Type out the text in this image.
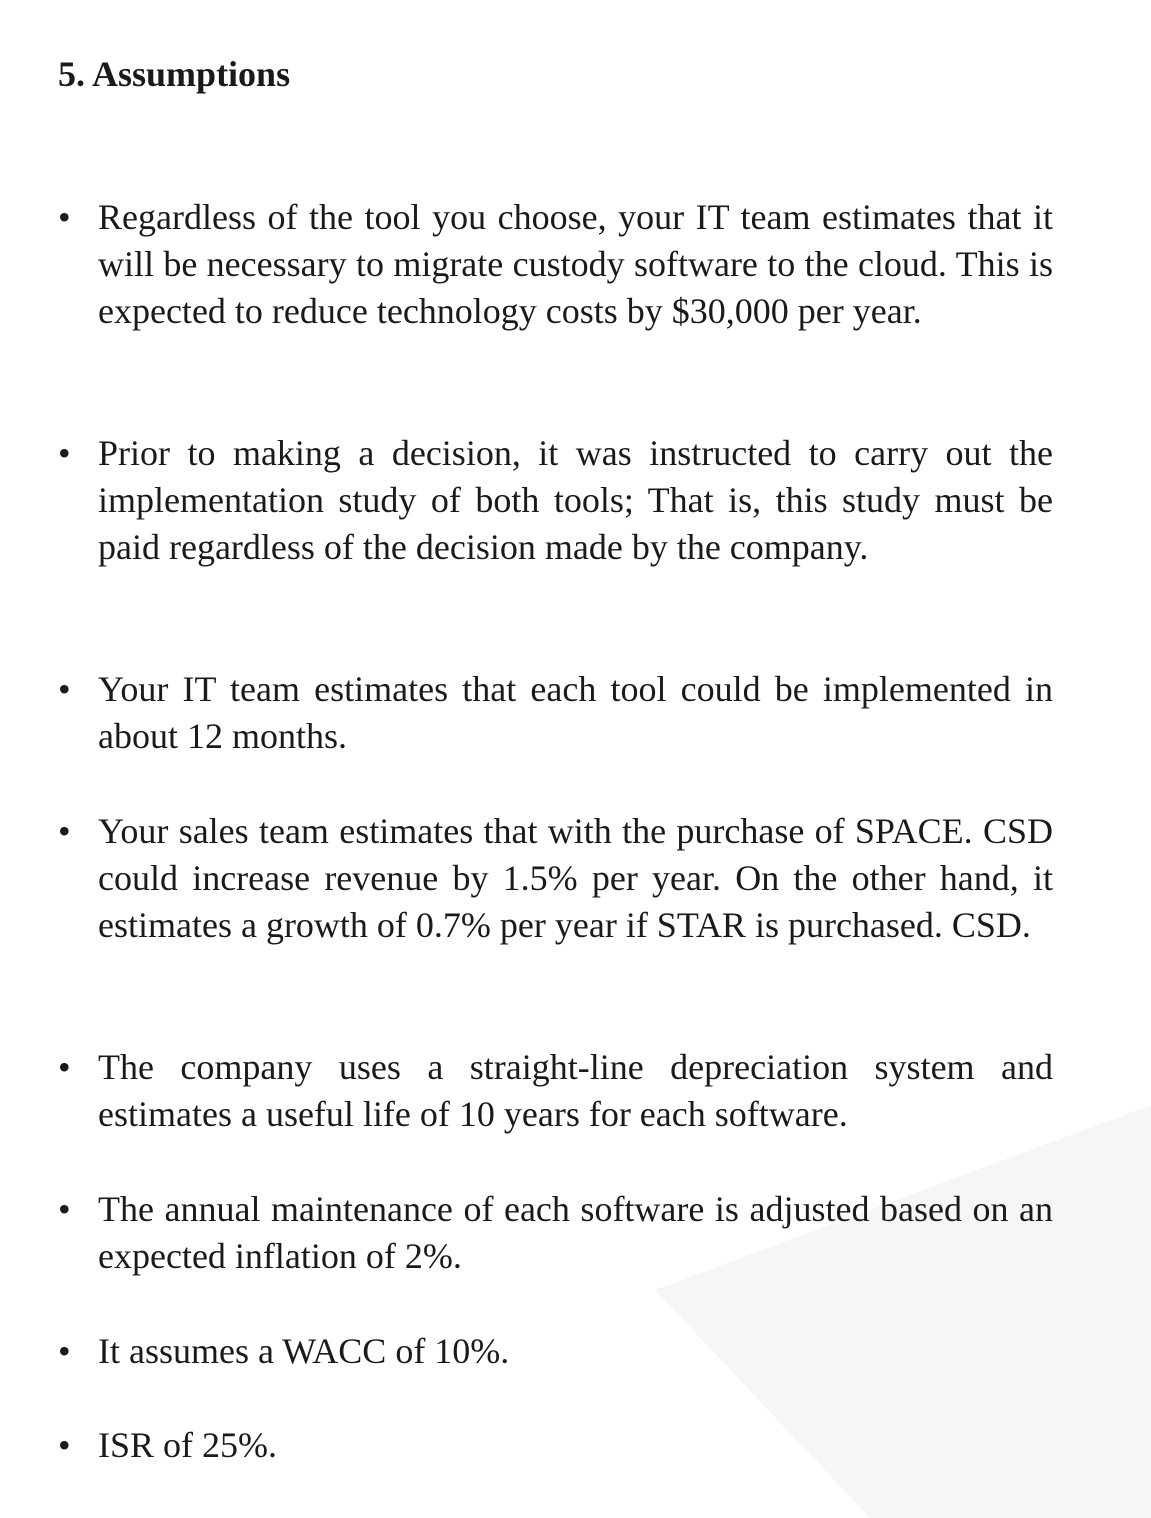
5. Assumptions
• Regardless of the tool you choose, your IT team estimates that it will be necessary to migrate custody software to the cloud. This is expected to reduce technology costs by $30,000 per year.
• Prior to making a decision, it was instructed to carry out the implementation study of both tools; That is, this study must be paid regardless of the decision made by the company.
• Your IT team estimates that each tool could be implemented in about 12 months.
• Your sales team estimates that with the purchase of SPACE. CSD could increase revenue by 1.5% per year. On the other hand, it estimates a growth of 0.7% per year if STAR is purchased. CSD.
• The company uses a straight-line depreciation system and estimates a useful life of 10 years for each software.
• The annual maintenance of each software is adjusted based on an expected inflation of 2%.
• It assumes a WACC of 10%.
• ISR of 25%.
